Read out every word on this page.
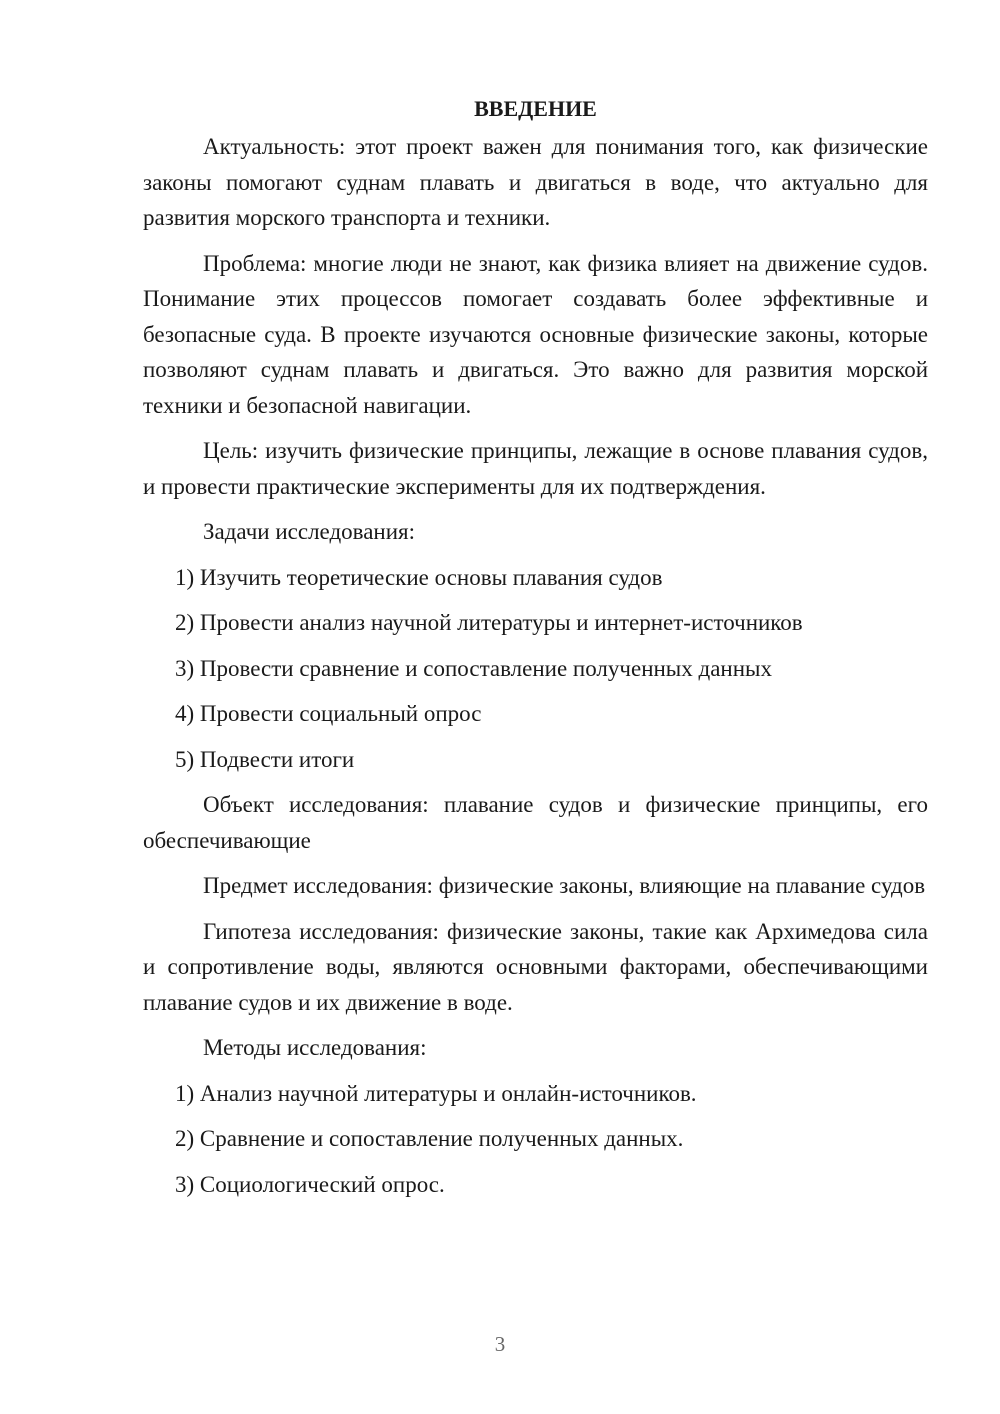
ВВЕДЕНИЕ
Актуальность: этот проект важен для понимания того, как физические законы помогают суднам плавать и двигаться в воде, что актуально для развития морского транспорта и техники.
Проблема: многие люди не знают, как физика влияет на движение судов. Понимание этих процессов помогает создавать более эффективные и безопасные суда. В проекте изучаются основные физические законы, которые позволяют суднам плавать и двигаться. Это важно для развития морской техники и безопасной навигации.
Цель: изучить физические принципы, лежащие в основе плавания судов, и провести практические эксперименты для их подтверждения.
Задачи исследования:
1) Изучить теоретические основы плавания судов
2) Провести анализ научной литературы и интернет-источников
3) Провести сравнение и сопоставление полученных данных
4) Провести социальный опрос
5) Подвести итоги
Объект исследования: плавание судов и физические принципы, его обеспечивающие
Предмет исследования: физические законы, влияющие на плавание судов
Гипотеза исследования: физические законы, такие как Архимедова сила и сопротивление воды, являются основными факторами, обеспечивающими плавание судов и их движение в воде.
Методы исследования:
1) Анализ научной литературы и онлайн-источников.
2) Сравнение и сопоставление полученных данных.
3) Социологический опрос.
3
